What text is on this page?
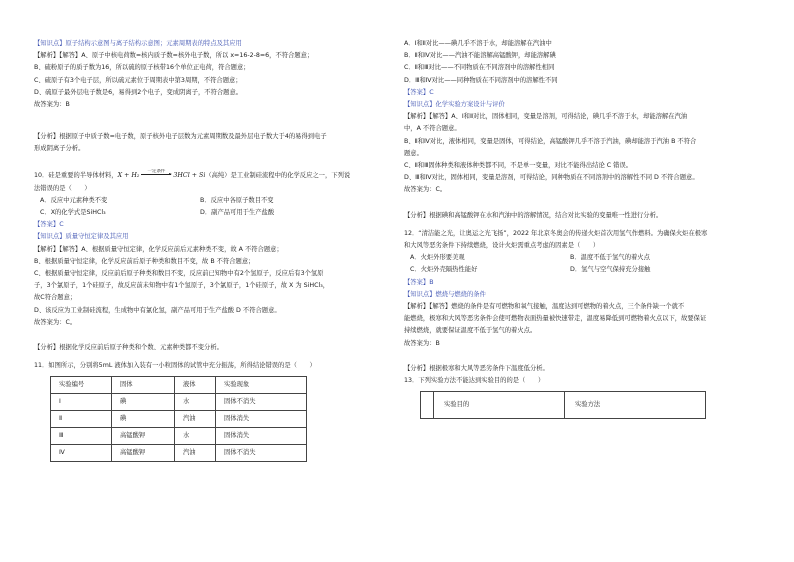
【知识点】原子结构示意图与离子结构示意图；元素周期表的特点及其应用
【解析】【解答】A、原子中核电荷数=核内质子数=核外电子数，所以 x=16-2-8=6，不符合题意；
B、硫粉原子的质子数为16，所以硫的原子核带16个单位正电荷，符合题意；
C、硫原子有3个电子层，所以硫元素位于周期表中第3周期，不符合题意；
D、硫原子最外层电子数是6，易得到2个电子，变成阴离子，不符合题意。
故答案为：B
【分析】根据原子中质子数=电子数，原子核外电子层数为元素周期数及最外层电子数大于4的易得到电子
形成阴离子分析。
10．硅是重要的半导体材料，X + H₂	一定条件
	3HCl + Si（高纯）是工业制硅流程中的化学反应之一，下列说
法错误的是（　　）
A．反应中元素种类不变	B．反应中各原子数目不变
C．X的化学式是SiHCl₃	D．副产品可用于生产盐酸
【答案】C
【知识点】质量守恒定律及其应用
【解析】【解答】A、根据质量守恒定律，化学反应前后元素种类不变，故 A 不符合题意；
B、根据质量守恒定律，化学反应前后原子种类和数目不变，故 B 不符合题意；
C、根据质量守恒定律，反应前后原子种类和数目不变，反应前已知物中有2个氢原子，反应后有3个氢原
子，3个氯原子，1个硅原子，故反应前未知物中有1个氢原子，3个氯原子，1个硅原子，故 X 为 SiHCl₃，
故C符合题意；
D、该反应为工业制硅流程，生成物中有氯化氢，副产品可用于生产盐酸 D 不符合题意。
故答案为：C。
【分析】根据化学反应前后原子种类和个数、元素种类都不变分析。
11．如图所示，分别将5mL 液体加入装有一小粒固体的试管中充分振荡，所得结论错误的是（　　）
实验编号	固体	液体	实验现象
Ⅰ	碘	水	固体不消失
Ⅱ	碘	汽油	固体消失
Ⅲ	高锰酸钾	水	固体消失
Ⅳ	高锰酸钾	汽油	固体不消失
A．Ⅰ和Ⅱ对比——碘几乎不溶于水，却能溶解在汽油中
B．Ⅱ和Ⅳ对比——汽油不能溶解高锰酸钾，却能溶解碘
C．Ⅱ和Ⅲ对比——不同物质在不同溶剂中的溶解性相同
D．Ⅲ和Ⅳ对比——同种物质在不同溶剂中的溶解性不同
【答案】C
【知识点】化学实验方案设计与评价
【解析】【解答】A、Ⅰ和Ⅱ对比，固体相同，变量是溶剂，可得结论，碘几乎不溶于水，却能溶解在汽油
中，A 不符合题意。
B、Ⅱ和Ⅳ对比，液体相同，变量是固体，可得结论，高锰酸钾几乎不溶于汽油，碘却能溶于汽油 B 不符合
题意。
C、Ⅱ和Ⅲ固体种类和液体种类都不同，不是单一变量，对比不能得出结论 C 错误。
D、Ⅲ和Ⅳ对比，固体相同，变量是溶剂，可得结论，同种物质在不同溶剂中的溶解性不同 D 不符合题意。
故答案为：C。
【分析】根据碘和高锰酸钾在水和汽油中的溶解情况，结合对比实验的变量唯一性进行分析。
12．“清洁能之光，让奥运之光飞扬”，2022 年北京冬奥会的传递火炬首次用氢气作燃料。为确保火炬在极寒
和大风等恶劣条件下持续燃烧，设计火炬需重点考虑的因素是（　　）
A．火炬外形要美观	B．温度不低于氢气的着火点
C．火炬外壳隔热性能好	D．氢气与空气保持充分接触
【答案】B
【知识点】燃烧与燃烧的条件
【解析】【解答】燃烧的条件是有可燃物和氧气接触，温度达到可燃物的着火点，三个条件缺一个就不
能燃烧，极寒和大风等恶劣条件会使可燃物表面热量被快速带走，温度易降低到可燃物着火点以下，故要保证
持续燃烧，就要保证温度不低于氢气的着火点。
故答案为：B
【分析】根据极寒和大风等恶劣条件下温度低分析。
13．下列实验方法不能达到实验目的的是（　　）
	实验目的	实验方法
